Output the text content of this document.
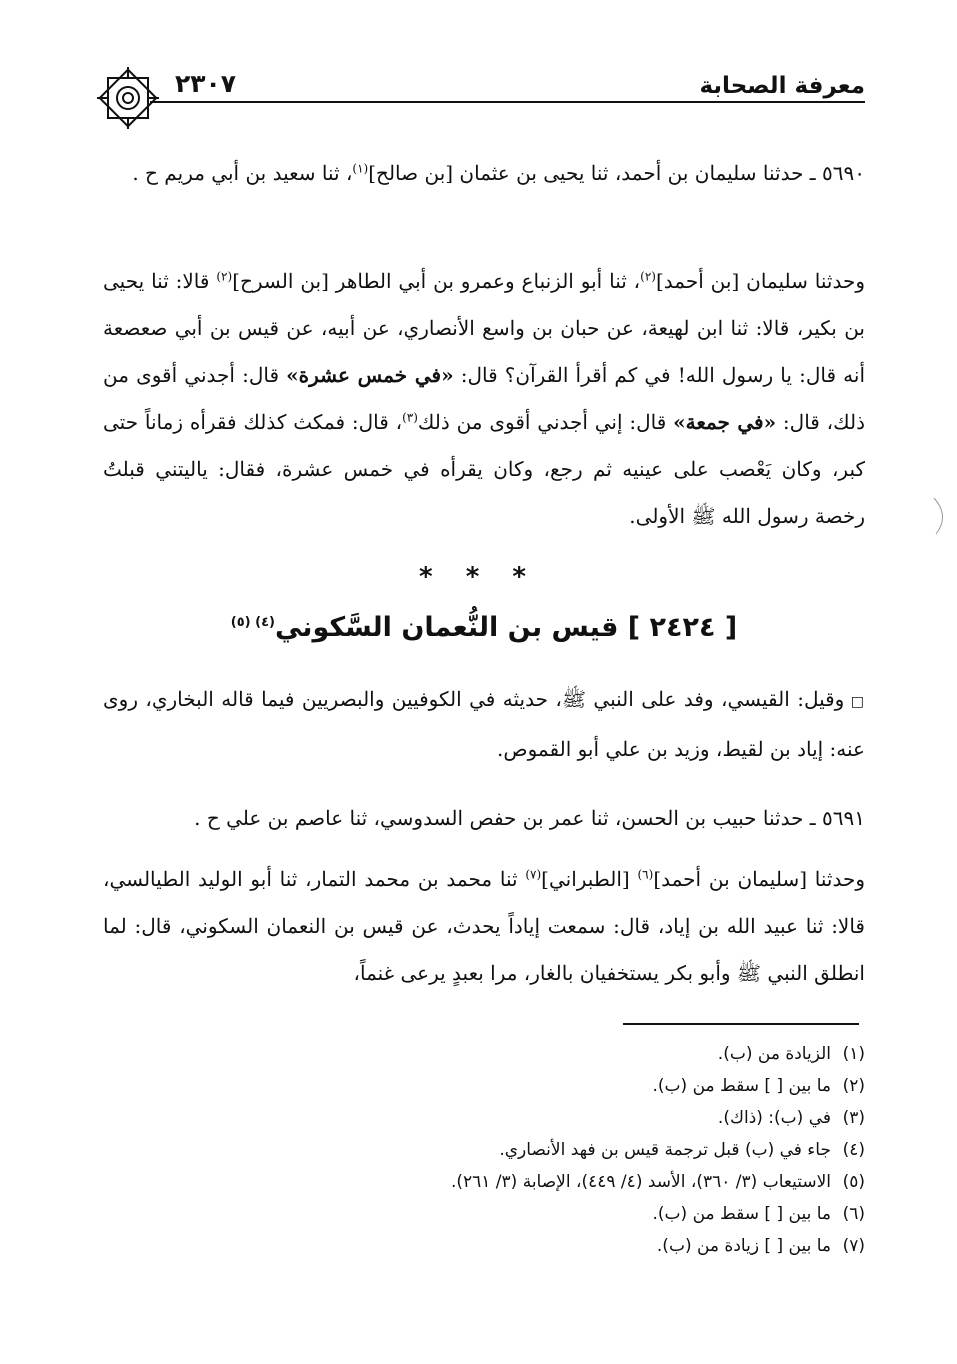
٢٣٠٧	معرفة الصحابة

٥٦٩٠ ـ حدثنا سليمان بن أحمد، ثنا يحيى بن عثمان [بن صالح]$^{(١)}$، ثنا سعيد بن أبي مريم ح .

وحدثنا سليمان [بن أحمد]$^{(٢)}$، ثنا أبو الزنباع وعمرو بن أبي الطاهر [بن السرح]$^{(٢)}$ قالا: ثنا يحيى بن بكير، قالا: ثنا ابن لهيعة، عن حبان بن واسع الأنصاري، عن أبيه، عن قيس بن أبي صعصعة أنه قال: يا رسول الله! في كم أقرأ القرآن؟ قال: «في خمس عشرة» قال: أجدني أقوى من ذلك، قال: «في جمعة» قال: إني أجدني أقوى من ذلك$^{(٣)}$، قال: فمكث كذلك فقرأه زماناً حتى كبر، وكان يَعْصب على عينيه ثم رجع، وكان يقرأه في خمس عشرة، فقال: ياليتني قبلتُ رخصة رسول الله ﷺ الأولى.

* * *
[ ٢٤٢٤ ] قيس بن النُّعمان السَّكوني$^{(٤) (٥)}$

□ وقيل: القيسي، وفد على النبي ﷺ، حديثه في الكوفيين والبصريين فيما قاله البخاري، روى عنه: إياد بن لقيط، وزيد بن علي أبو القموص.

٥٦٩١ ـ حدثنا حبيب بن الحسن، ثنا عمر بن حفص السدوسي، ثنا عاصم بن علي ح .

وحدثنا [سليمان بن أحمد]$^{(٦)}$ [الطبراني]$^{(٧)}$ ثنا محمد بن محمد التمار، ثنا أبو الوليد الطيالسي، قالا: ثنا عبيد الله بن إياد، قال: سمعت إياداً يحدث، عن قيس بن النعمان السكوني، قال: لما انطلق النبي ﷺ وأبو بكر يستخفيان بالغار، مرا بعبدٍ يرعى غنماً،

(١)الزيادة من (ب).
(٢)ما بين [ ] سقط من (ب).
(٣)في (ب): (ذاك).
(٤)جاء في (ب) قبل ترجمة قيس بن فهد الأنصاري.
(٥)الاستيعاب (٣/ ٣٦٠)، الأسد (٤/ ٤٤٩)، الإصابة (٣/ ٢٦١).
(٦)ما بين [ ] سقط من (ب).
(٧)ما بين [ ] زيادة من (ب).
